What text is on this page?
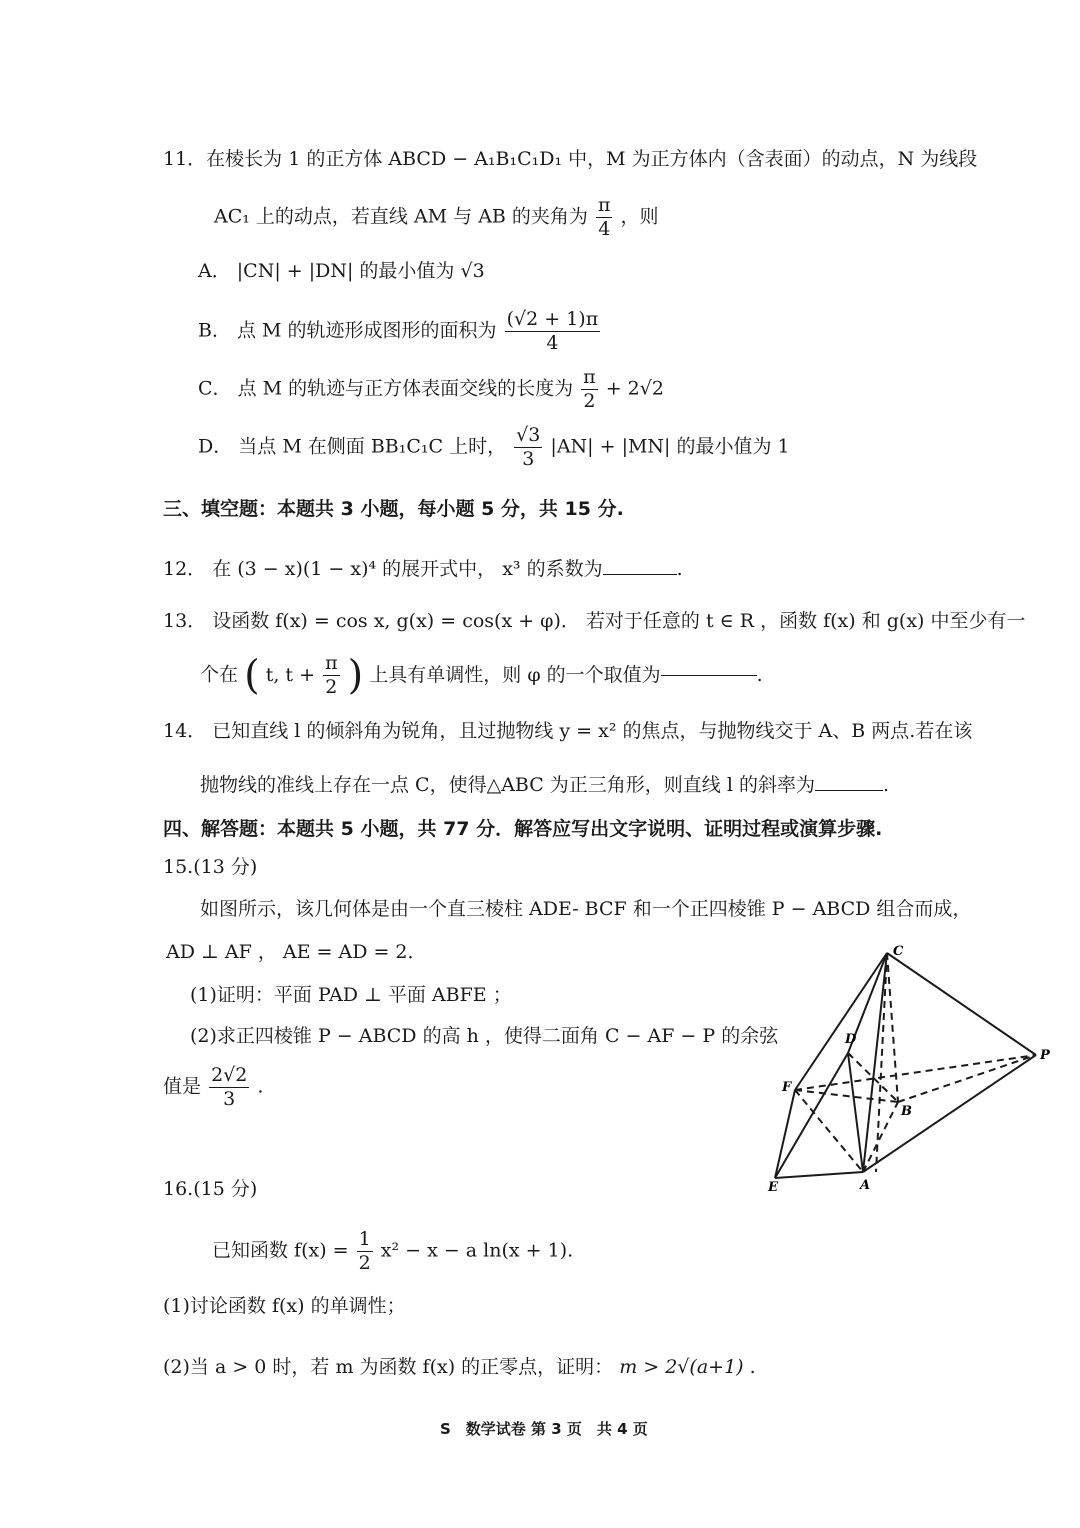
11．在棱长为 1 的正方体 ABCD − A₁B₁C₁D₁ 中，M 为正方体内（含表面）的动点，N 为线段
AC₁ 上的动点，若直线 AM 与 AB 的夹角为 $\frac{\pi}{4}$ ，则
A． |CN| + |DN| 的最小值为 √3
B． 点 M 的轨迹形成图形的面积为 $\frac{(√2 + 1)\pi}{4}$
C． 点 M 的轨迹与正方体表面交线的长度为 $\frac{\pi}{2} + 2√2$
D． 当点 M 在侧面 BB₁C₁C 上时， $\frac{√3}{3} |AN| + |MN|$ 的最小值为 1
三、填空题：本题共 3 小题，每小题 5 分，共 15 分.
12． 在 (3 − x)(1 − x)⁴ 的展开式中， x³ 的系数为	.
13． 设函数 f(x) = cos x, g(x) = cos(x + φ)． 若对于任意的 t ∈ R ，函数 f(x) 和 g(x) 中至少有一
个在 ( t, $t + \frac{\pi}{2}$ ) 上具有单调性，则 φ 的一个取值为	.
14． 已知直线 l 的倾斜角为锐角，且过抛物线 y = x² 的焦点，与抛物线交于 A、B 两点.若在该
抛物线的准线上存在一点 C，使得△ABC 为正三角形，则直线 l 的斜率为	.
四、解答题：本题共 5 小题，共 77 分．解答应写出文字说明、证明过程或演算步骤.
15.(13 分)
如图所示，该几何体是由一个直三棱柱 ADE- BCF 和一个正四棱锥 P − ABCD 组合而成，
AD ⊥ AF ， AE = AD = 2．
(1)证明：平面 PAD ⊥ 平面 ABFE ；
(2)求正四棱锥 P − ABCD 的高 h ，使得二面角 C − AF − P 的余弦
值是 $\frac{2√2}{3}$ .
C
D
P
F
B
E	A
16.(15 分)
已知函数 $f(x) = \frac{1}{2} x^2 - x - a$ ln(x + 1).
(1)讨论函数 f(x) 的单调性；
(2)当 a > 0 时，若 m 为函数 f(x) 的正零点，证明： m > 2√(a+1) .
S　数学试卷 第 3 页　共 4 页
